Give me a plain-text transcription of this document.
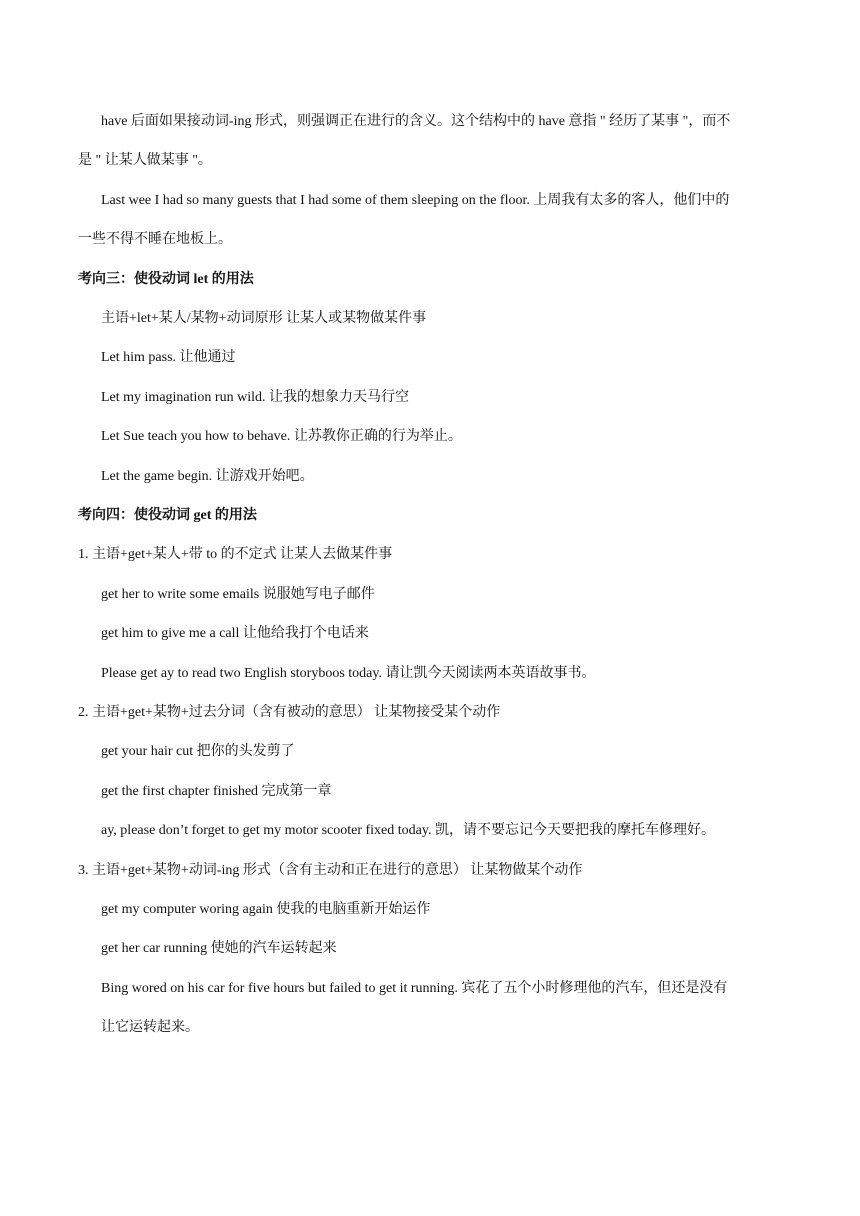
have 后面如果接动词-ing 形式，则强调正在进行的含义。这个结构中的 have 意指 " 经历了某事 "，而不
是 " 让某人做某事 "。
Last wee I had so many guests that I had some of them sleeping on the floor. 上周我有太多的客人，他们中的
一些不得不睡在地板上。
考向三：使役动词 let 的用法
主语+let+某人/某物+动词原形 让某人或某物做某件事
Let him pass. 让他通过
Let my imagination run wild. 让我的想象力天马行空
Let Sue teach you how to behave. 让苏教你正确的行为举止。
Let the game begin. 让游戏开始吧。
考向四：使役动词 get 的用法
1. 主语+get+某人+带 to 的不定式 让某人去做某件事
get her to write some emails 说服她写电子邮件
get him to give me a call 让他给我打个电话来
Please get ay to read two English storyboos today. 请让凯今天阅读两本英语故事书。
2. 主语+get+某物+过去分词（含有被动的意思） 让某物接受某个动作
get your hair cut 把你的头发剪了
get the first chapter finished 完成第一章
ay, please don’t forget to get my motor scooter fixed today. 凯，请不要忘记今天要把我的摩托车修理好。
3. 主语+get+某物+动词-ing 形式（含有主动和正在进行的意思） 让某物做某个动作
get my computer woring again 使我的电脑重新开始运作
get her car running 使她的汽车运转起来
Bing wored on his car for five hours but failed to get it running. 宾花了五个小时修理他的汽车，但还是没有
让它运转起来。
